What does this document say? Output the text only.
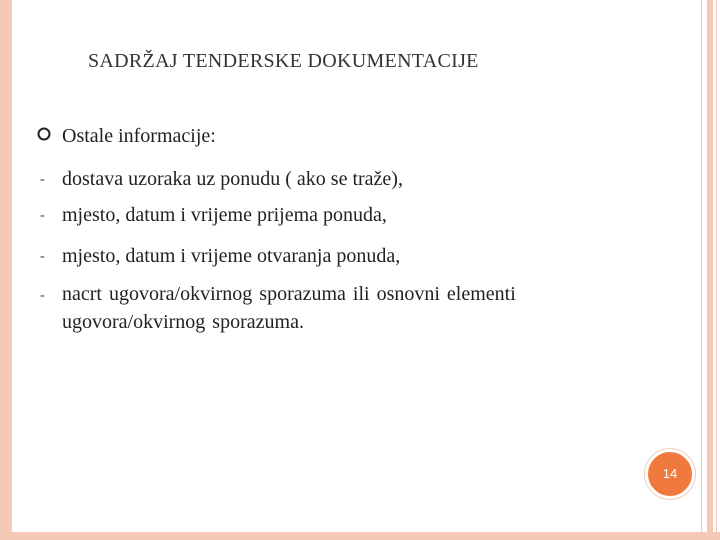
SADRŽAJ TENDERSKE DOKUMENTACIJE
Ostale informacije:
- dostava uzoraka uz ponudu ( ako se traže),
- mjesto, datum i vrijeme prijema ponuda,
- mjesto, datum i vrijeme otvaranja ponuda,
- nacrt ugovora/okvirnog sporazuma ili osnovni elementi ugovora/okvirnog sporazuma.
14
